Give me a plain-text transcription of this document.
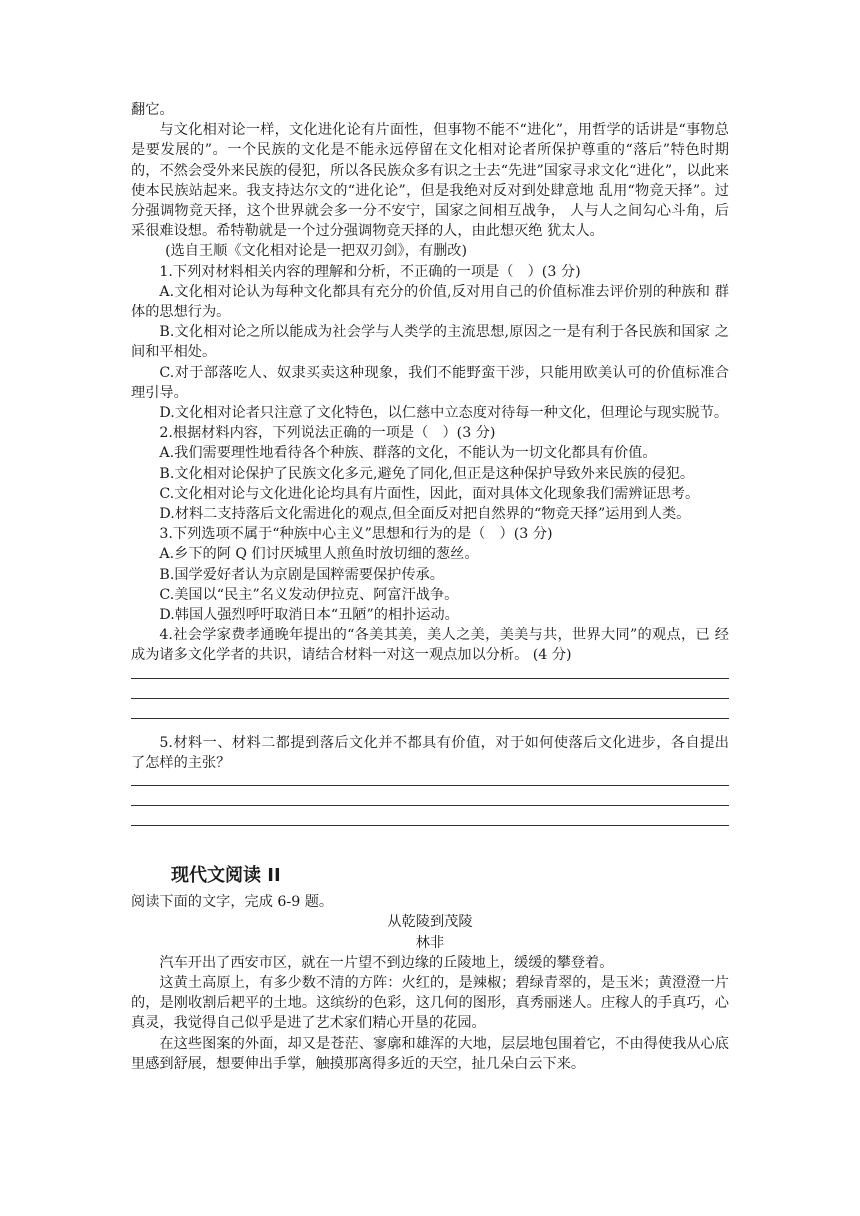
翻它。

与文化相对论一样，文化进化论有片面性，但事物不能不“进化”，用哲学的话讲是“事物总是要发展的”。一个民族的文化是不能永远停留在文化相对论者所保护尊重的“落后”特色时期的，不然会受外来民族的侵犯，所以各民族众多有识之士去“先进”国家寻求文化“进化”，以此来使本民族站起来。我支持达尔文的“进化论”，但是我绝对反对到处肆意地 乱用“物竞天择”。过分强调物竞天择，这个世界就会多一分不安宁，国家之间相互战争， 人与人之间勾心斗角，后采很难设想。希特勒就是一个过分强调物竞天择的人，由此想灭绝 犹太人。

(选自王顺《文化相对论是一把双刃剑》，有删改)

1.下列对材料相关内容的理解和分析，不正确的一项是（　）(3 分)

A.文化相对论认为每种文化都具有充分的价值,反对用自己的价值标准去评价别的种族和 群体的思想行为。

B.文化相对论之所以能成为社会学与人类学的主流思想,原因之一是有利于各民族和国家 之间和平相处。

C.对于部落吃人、奴隶买卖这种现象，我们不能野蛮干涉，只能用欧美认可的价值标准合 理引导。

D.文化相对论者只注意了文化特色，以仁慈中立态度对待每一种文化，但理论与现实脱节。

2.根据材料内容，下列说法正确的一项是（　）(3 分)

A.我们需要理性地看待各个种族、群落的文化，不能认为一切文化都具有价值。

B.文化相对论保护了民族文化多元,避免了同化,但正是这种保护导致外来民族的侵犯。

C.文化相对论与文化进化论均具有片面性，因此，面对具体文化现象我们需辨证思考。

D.材料二支持落后文化需进化的观点,但全面反对把自然界的“物竞天择”运用到人类。

3.下列选项不属于“种族中心主义”思想和行为的是（　）(3 分)

A.乡下的阿 Q 们讨厌城里人煎鱼时放切细的葱丝。

B.国学爱好者认为京剧是国粹需要保护传承。

C.美国以“民主”名义发动伊拉克、阿富汗战争。

D.韩国人强烈呼吁取消日本“丑陋”的相扑运动。

4.社会学家费孝通晚年提出的“各美其美，美人之美，美美与共，世界大同”的观点，已 经成为诸多文化学者的共识，请结合材料一对这一观点加以分析。 (4 分)

5.材料一、材料二都提到落后文化并不都具有价值，对于如何使落后文化进步，各自提出 了怎样的主张？

现代文阅读 II

阅读下面的文字，完成 6-9 题。

从乾陵到茂陵

林非

汽车开出了西安市区，就在一片望不到边缘的丘陵地上，缓缓的攀登着。

这黄土高原上，有多少数不清的方阵：火红的，是辣椒；碧绿青翠的，是玉米；黄澄澄一片的，是刚收割后耙平的土地。这缤纷的色彩，这几何的图形，真秀丽迷人。庄稼人的手真巧，心真灵，我觉得自己似乎是进了艺术家们精心开垦的花园。

在这些图案的外面，却又是苍茫、寥廓和雄浑的大地，层层地包围着它，不由得使我从心底里感到舒展，想要伸出手掌，触摸那离得多近的天空，扯几朵白云下来。
